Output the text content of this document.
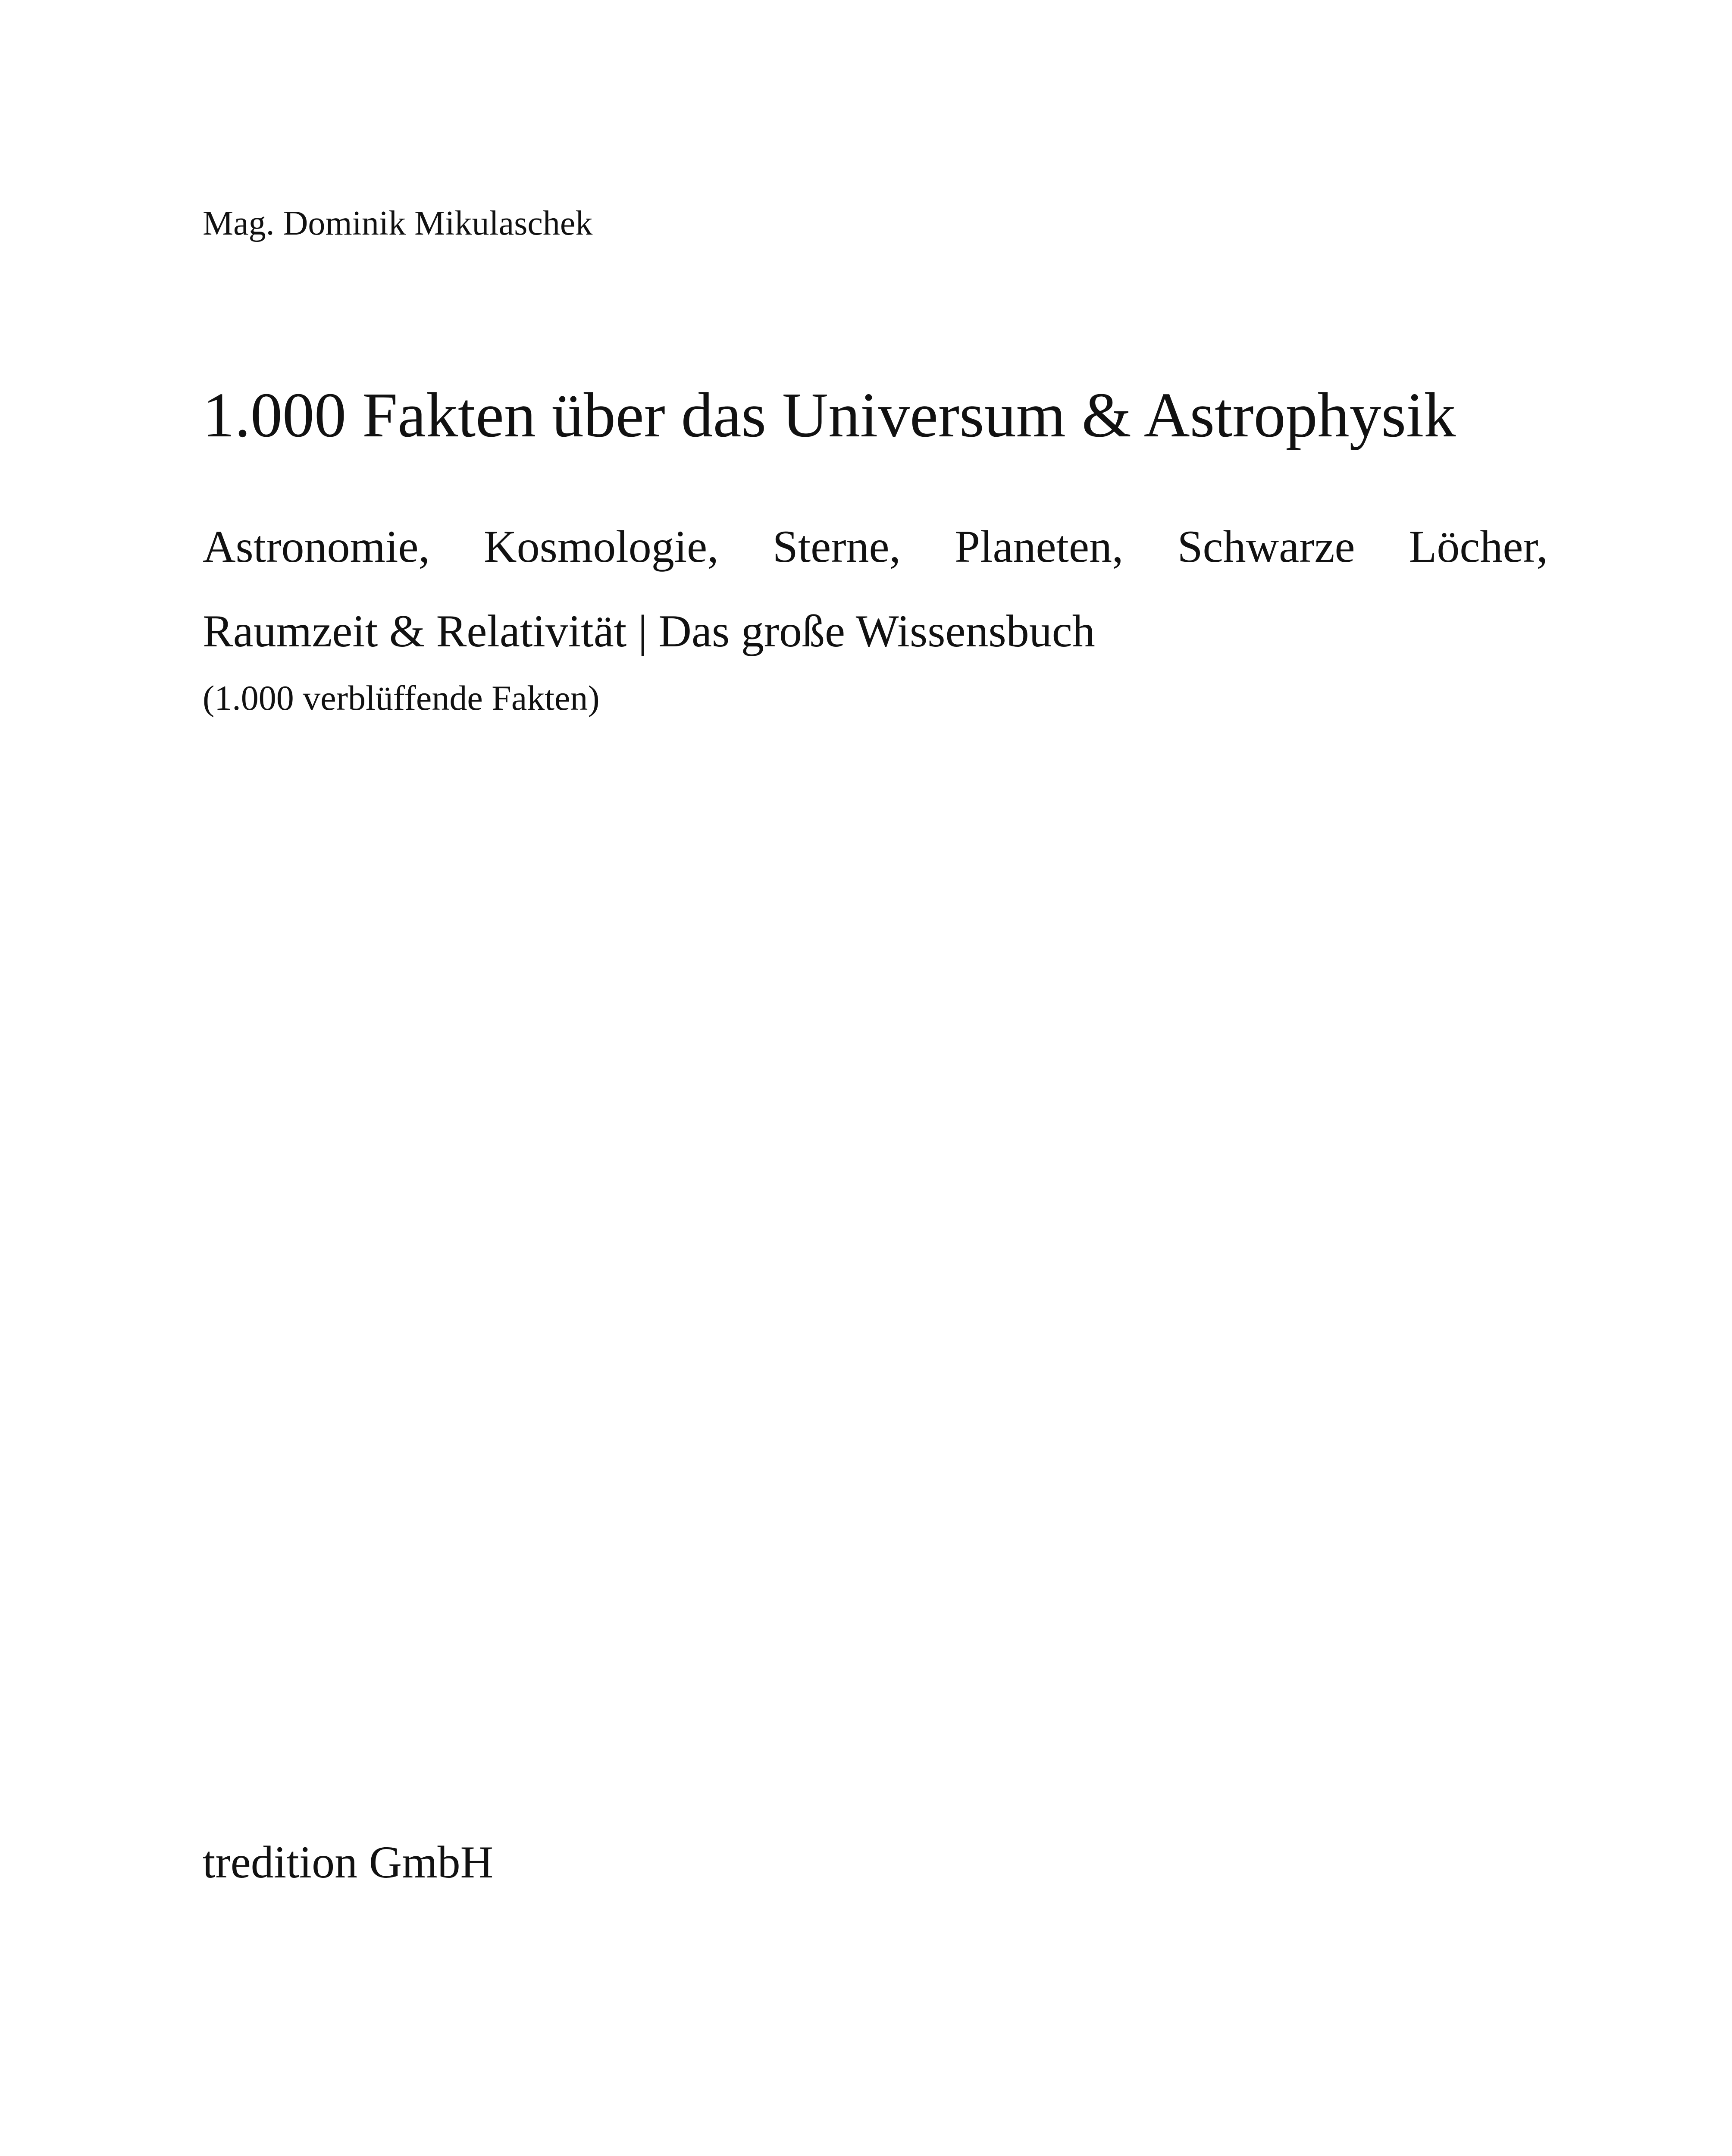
Mag. Dominik Mikulaschek
1.000 Fakten über das Universum & Astrophysik
Astronomie, Kosmologie, Sterne, Planeten, Schwarze Löcher,
Raumzeit & Relativität | Das große Wissensbuch
(1.000 verblüffende Fakten)
tredition GmbH
